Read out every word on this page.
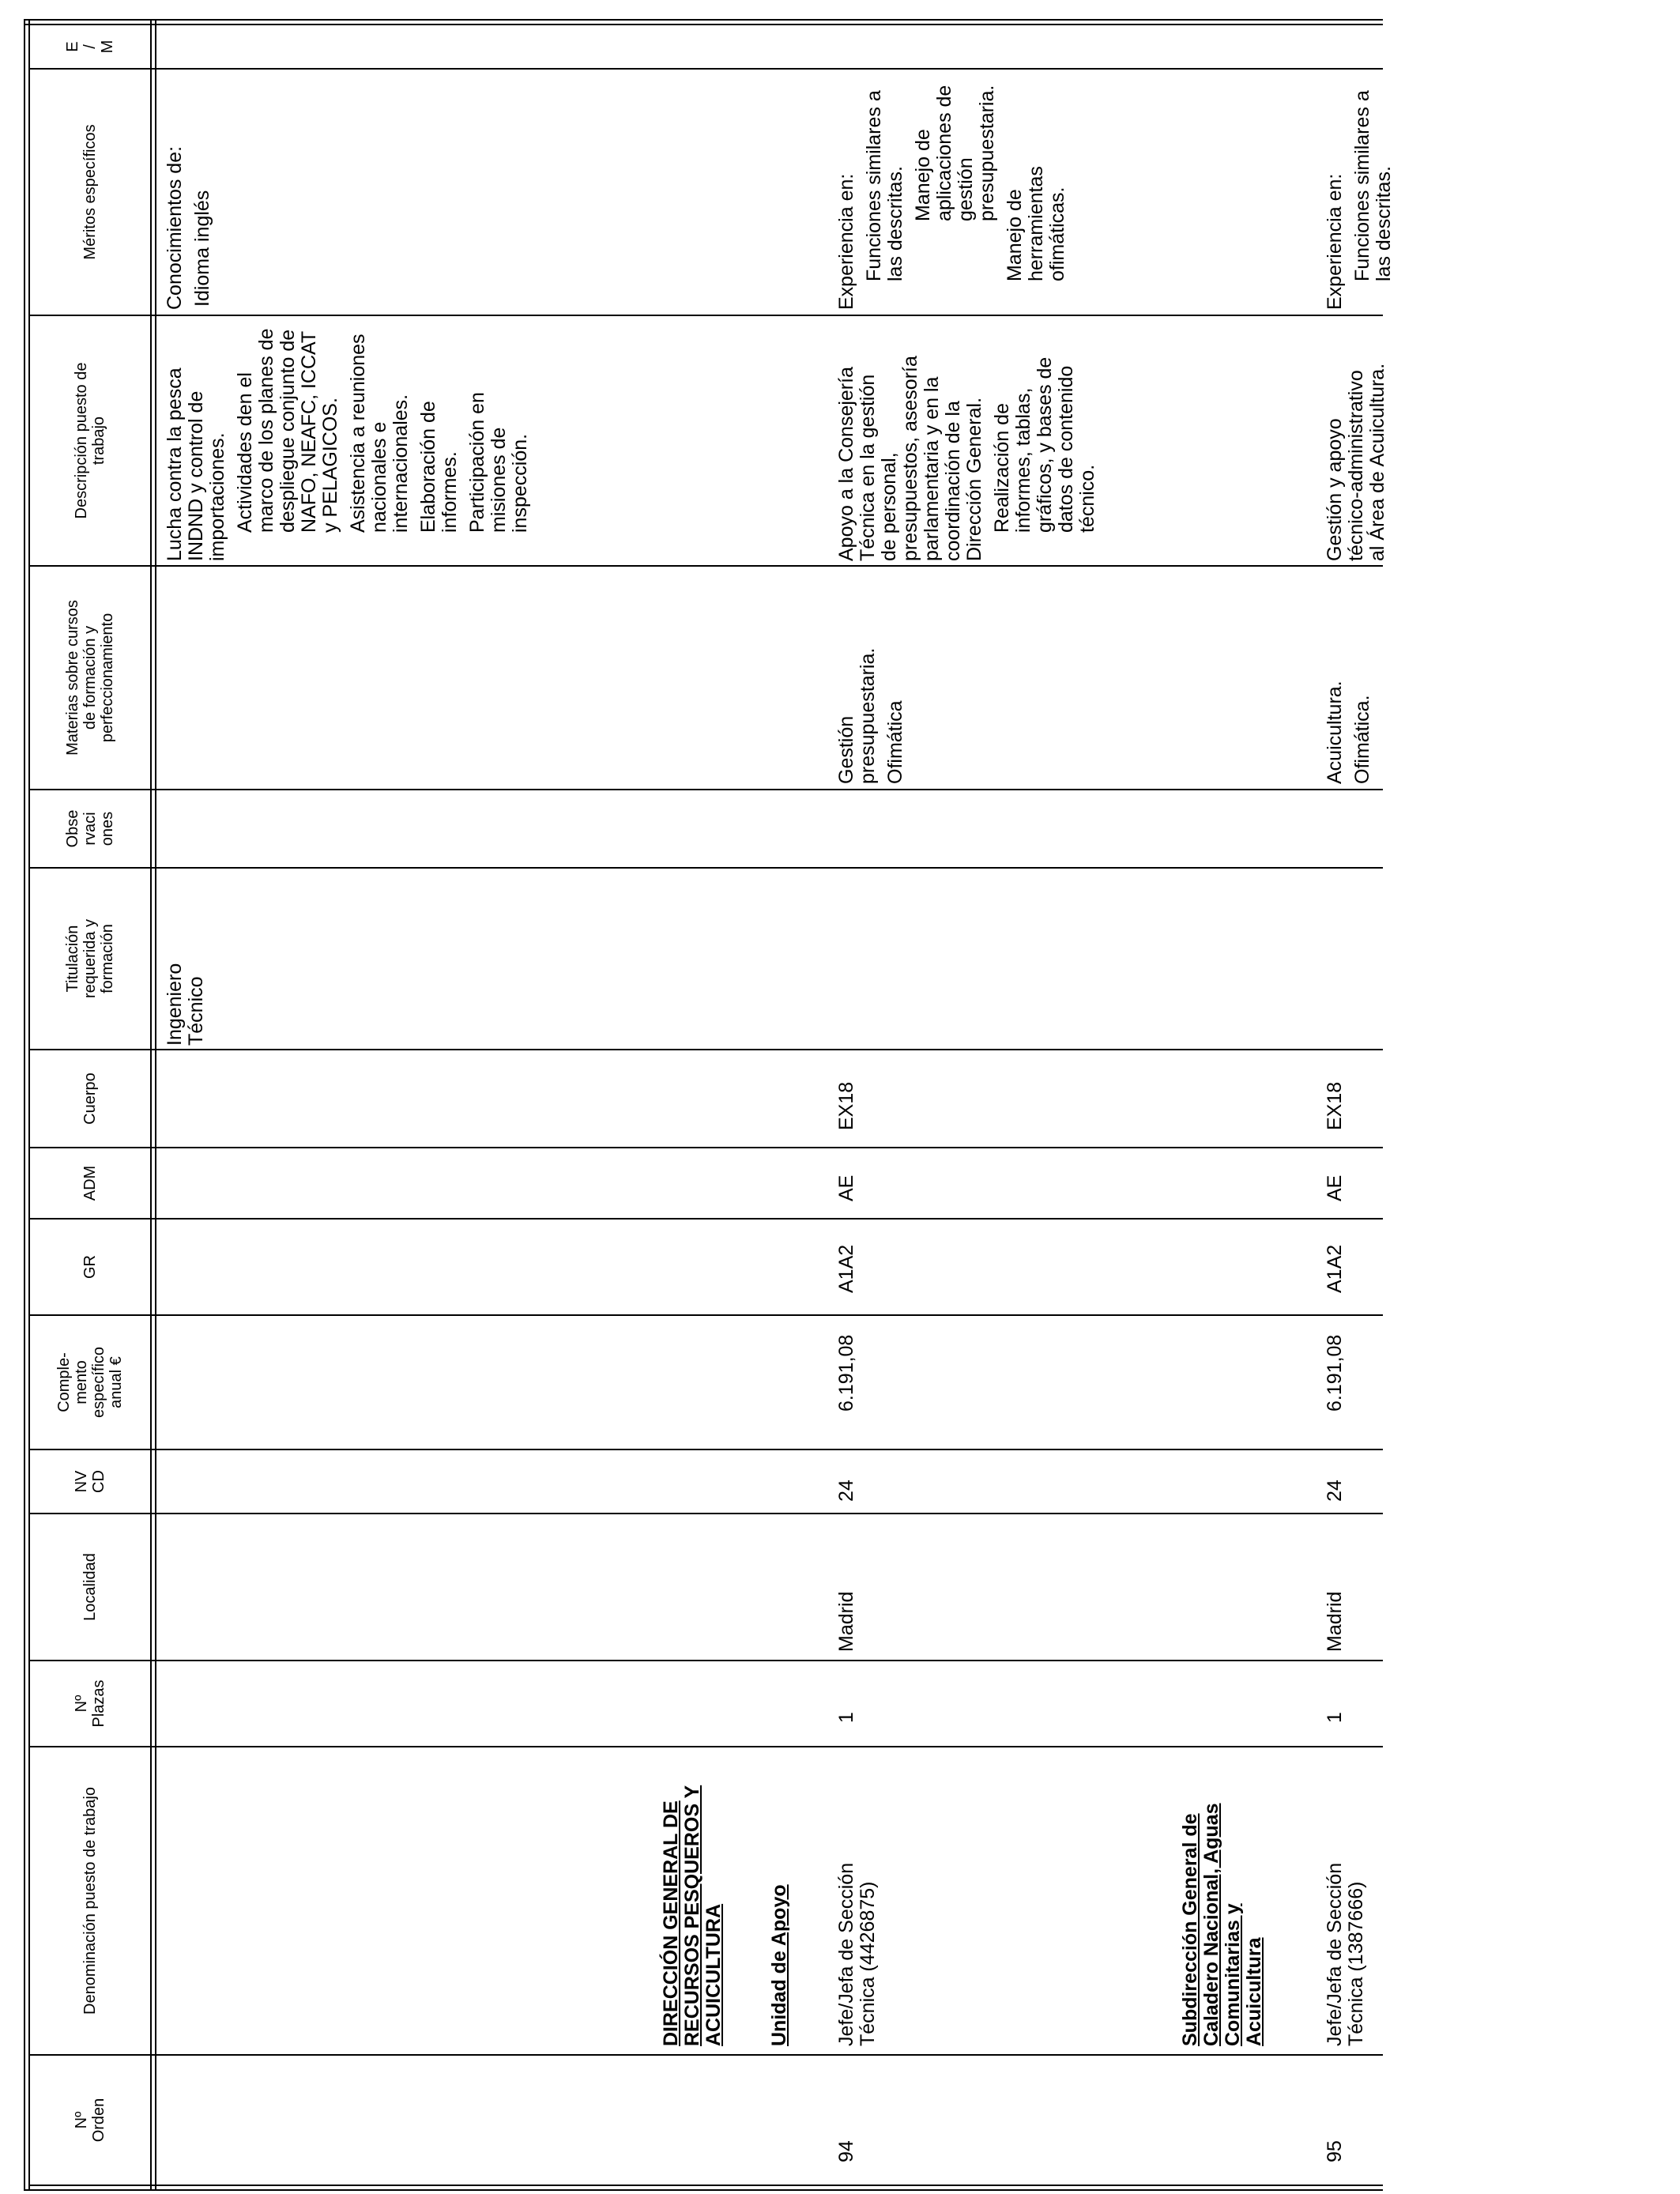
Nº
Orden
Denominación puesto de trabajo
Nº
Plazas
Localidad
NV
CD
Comple-
mento
específico
anual €
GR
ADM
Cuerpo
Titulación
requerida y
formación
Obse
rvaci
ones
Materias sobre cursos
de formación y
perfeccionamiento
Descripción puesto de
trabajo
Méritos específicos
E
/
M
Ingeniero
Técnico
Lucha contra la pesca
INDND y control de
importaciones. Actividades den el
marco de los planes de
despliegue conjunto de
NAFO, NEAFC, ICCAT
y PELAGICOS. Asistencia a reuniones
nacionales e
internacionales. Elaboración de
informes. Participación en
misiones de
inspección.
Conocimientos de: Idioma inglés
DIRECCIÓN GENERAL DE
RECURSOS PESQUEROS Y
ACUICULTURA Unidad de Apoyo
94
Jefe/Jefa de Sección
Técnica (4426875)
1
Madrid
24
6.191,08
A1A2
AE
EX18
Gestión
presupuestaria. Ofimática
Apoyo a la Consejería
Técnica en la gestión
de personal,
presupuestos, asesoría
parlamentaria y en la
coordinación de la
Dirección General. Realización de
informes, tablas,
gráficos, y bases de
datos de contenido
técnico.
Experiencia en: Funciones similares a
las descritas. Manejo de
aplicaciones de
gestión
presupuestaria.
Manejo de
herramientas
ofimáticas.
Subdirección General de
Caladero Nacional, Aguas
Comunitarias y
Acuicultura
95
Jefe/Jefa de Sección
Técnica (1387666)
1
Madrid
24
6.191,08
A1A2
AE
EX18
Acuicultura. Ofimática.
Gestión y apoyo
técnico-administrativo
al Área de Acuicultura.
Experiencia en: Funciones similares a
las descritas.
